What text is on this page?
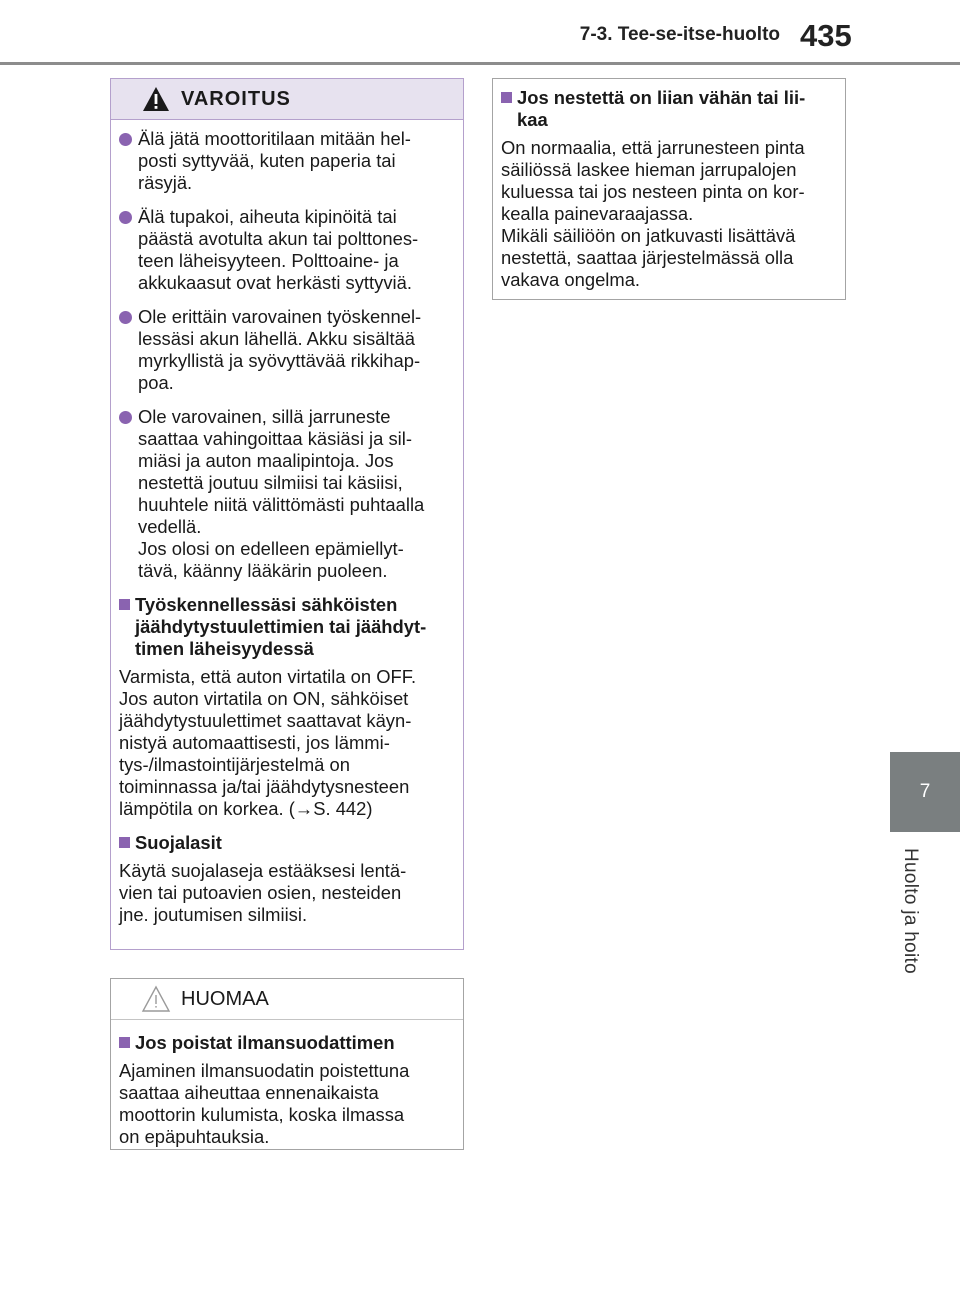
7-3. Tee-se-itse-huolto 435
7
Huolto ja hoito
VAROITUS
Älä jätä moottoritilaan mitään hel-
posti syttyvää, kuten paperia tai
räsyjä.
Älä tupakoi, aiheuta kipinöitä tai
päästä avotulta akun tai polttones-
teen läheisyyteen. Polttoaine- ja
akkukaasut ovat herkästi syttyviä.
Ole erittäin varovainen työskennel-
lessäsi akun lähellä. Akku sisältää
myrkyllistä ja syövyttävää rikkihap-
poa.
Ole varovainen, sillä jarruneste
saattaa vahingoittaa käsiäsi ja sil-
miäsi ja auton maalipintoja. Jos
nestettä joutuu silmiisi tai käsiisi,
huuhtele niitä välittömästi puhtaalla
vedellä.
Jos olosi on edelleen epämiellyt-
tävä, käänny lääkärin puoleen.
Työskennellessäsi sähköisten
jäähdytystuulettimien tai jäähdyt-
timen läheisyydessä
Varmista, että auton virtatila on OFF.
Jos auton virtatila on ON, sähköiset
jäähdytystuulettimet saattavat käyn-
nistyä automaattisesti, jos lämmi-
tys-/ilmastointijärjestelmä on
toiminnassa ja/tai jäähdytysnesteen
lämpötila on korkea. (→S. 442)
Suojalasit
Käytä suojalaseja estääksesi lentä-
vien tai putoavien osien, nesteiden
jne. joutumisen silmiisi.
HUOMAA
Jos poistat ilmansuodattimen
Ajaminen ilmansuodatin poistettuna
saattaa aiheuttaa ennenaikaista
moottorin kulumista, koska ilmassa
on epäpuhtauksia.
Jos nestettä on liian vähän tai lii-
kaa
On normaalia, että jarrunesteen pinta
säiliössä laskee hieman jarrupalojen
kuluessa tai jos nesteen pinta on kor-
kealla painevaraajassa.
Mikäli säiliöön on jatkuvasti lisättävä
nestettä, saattaa järjestelmässä olla
vakava ongelma.
